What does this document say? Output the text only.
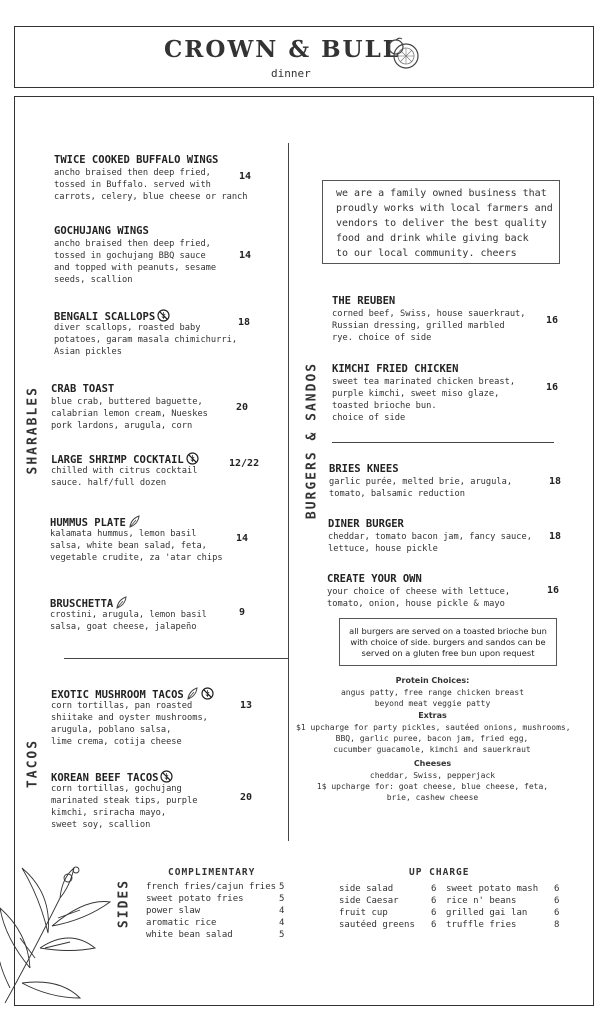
CROWN & BULL
dinner
SHARABLES
TACOS
BURGERS & SANDOS
SIDES
TWICE COOKED BUFFALO WINGS
ancho braised then deep fried,
tossed in Buffalo. served with
carrots, celery, blue cheese or ranch
14
GOCHUJANG WINGS
ancho braised then deep fried,
tossed in gochujang BBQ sauce
and topped with peanuts, sesame
seeds, scallion
14
BENGALI SCALLOPS
diver scallops, roasted baby
potatoes, garam masala chimichurri,
Asian pickles
18
CRAB TOAST
blue crab, buttered baguette,
calabrian lemon cream, Nueskes
pork lardons, arugula, corn
20
LARGE SHRIMP COCKTAIL
chilled with citrus cocktail
sauce. half/full dozen
12/22
HUMMUS PLATE
kalamata hummus, lemon basil
salsa, white bean salad, feta,
vegetable crudite, za 'atar chips
14
BRUSCHETTA
crostini, arugula, lemon basil
salsa, goat cheese, jalapeño
9
EXOTIC MUSHROOM TACOS
corn tortillas, pan roasted
shiitake and oyster mushrooms,
arugula, poblano salsa,
lime crema, cotija cheese
13
KOREAN BEEF TACOS
corn tortillas, gochujang
marinated steak tips, purple
kimchi, sriracha mayo,
sweet soy, scallion
20
we are a family owned business that
proudly works with local farmers and
vendors to deliver the best quality
food and drink while giving back
to our local community. cheers
THE REUBEN
corned beef, Swiss, house sauerkraut,
Russian dressing, grilled marbled
rye. choice of side
16
KIMCHI FRIED CHICKEN
sweet tea marinated chicken breast,
purple kimchi, sweet miso glaze,
toasted brioche bun.
choice of side
16
BRIES KNEES
garlic purée, melted brie, arugula,
tomato, balsamic reduction
18
DINER BURGER
cheddar, tomato bacon jam, fancy sauce,
lettuce, house pickle
18
CREATE YOUR OWN
your choice of cheese with lettuce,
tomato, onion, house pickle & mayo
16
all burgers are served on a toasted brioche bun with choice of side. burgers and sandos can be served on a gluten free bun upon request
Protein Choices:
angus patty, free range chicken breast
beyond meat veggie patty
Extras
$1 upcharge for party pickles, sautéed onions, mushrooms,
BBQ, garlic puree, bacon jam, fried egg,
cucumber guacamole, kimchi and sauerkraut
Cheeses
cheddar, Swiss, pepperjack
1$ upcharge for: goat cheese, blue cheese, feta,
brie, cashew cheese
COMPLIMENTARY	UP CHARGE
french fries/cajun fries 5
sweet potato fries	5
power slaw	4
aromatic rice	4
white bean salad	5
side salad	6
side Caesar	6
fruit cup	6
sautéed greens 6
sweet potato mash 6
rice n' beans	6
grilled gai lan	6
truffle fries	8
